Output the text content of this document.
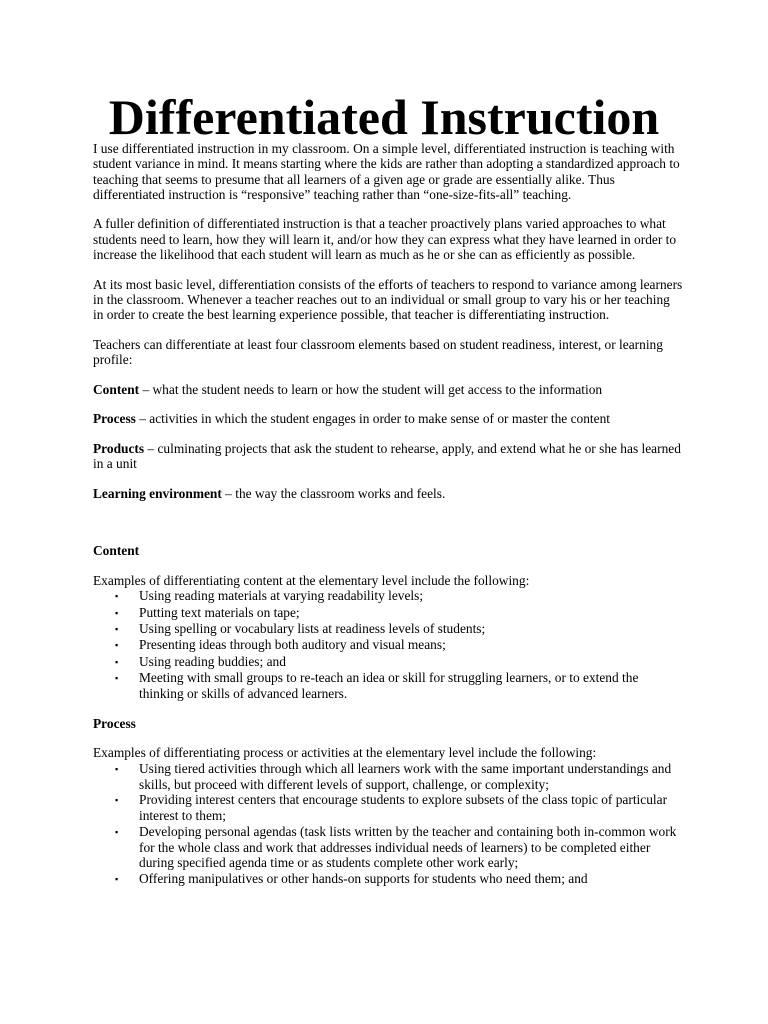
Differentiated Instruction

I use differentiated instruction in my classroom. On a simple level, differentiated instruction is teaching with student variance in mind. It means starting where the kids are rather than adopting a standardized approach to teaching that seems to presume that all learners of a given age or grade are essentially alike. Thus differentiated instruction is “responsive” teaching rather than “one-size-fits-all” teaching.

A fuller definition of differentiated instruction is that a teacher proactively plans varied approaches to what students need to learn, how they will learn it, and/or how they can express what they have learned in order to increase the likelihood that each student will learn as much as he or she can as efficiently as possible.

At its most basic level, differentiation consists of the efforts of teachers to respond to variance among learners in the classroom. Whenever a teacher reaches out to an individual or small group to vary his or her teaching in order to create the best learning experience possible, that teacher is differentiating instruction.

Teachers can differentiate at least four classroom elements based on student readiness, interest, or learning profile:

Content – what the student needs to learn or how the student will get access to the information

Process – activities in which the student engages in order to make sense of or master the content

Products – culminating projects that ask the student to rehearse, apply, and extend what he or she has learned in a unit

Learning environment – the way the classroom works and feels.

Content

Examples of differentiating content at the elementary level include the following:
▪ Using reading materials at varying readability levels;
▪ Putting text materials on tape;
▪ Using spelling or vocabulary lists at readiness levels of students;
▪ Presenting ideas through both auditory and visual means;
▪ Using reading buddies; and
▪ Meeting with small groups to re-teach an idea or skill for struggling learners, or to extend the thinking or skills of advanced learners.

Process

Examples of differentiating process or activities at the elementary level include the following:
▪ Using tiered activities through which all learners work with the same important understandings and skills, but proceed with different levels of support, challenge, or complexity;
▪ Providing interest centers that encourage students to explore subsets of the class topic of particular interest to them;
▪ Developing personal agendas (task lists written by the teacher and containing both in-common work for the whole class and work that addresses individual needs of learners) to be completed either during specified agenda time or as students complete other work early;
▪ Offering manipulatives or other hands-on supports for students who need them; and
